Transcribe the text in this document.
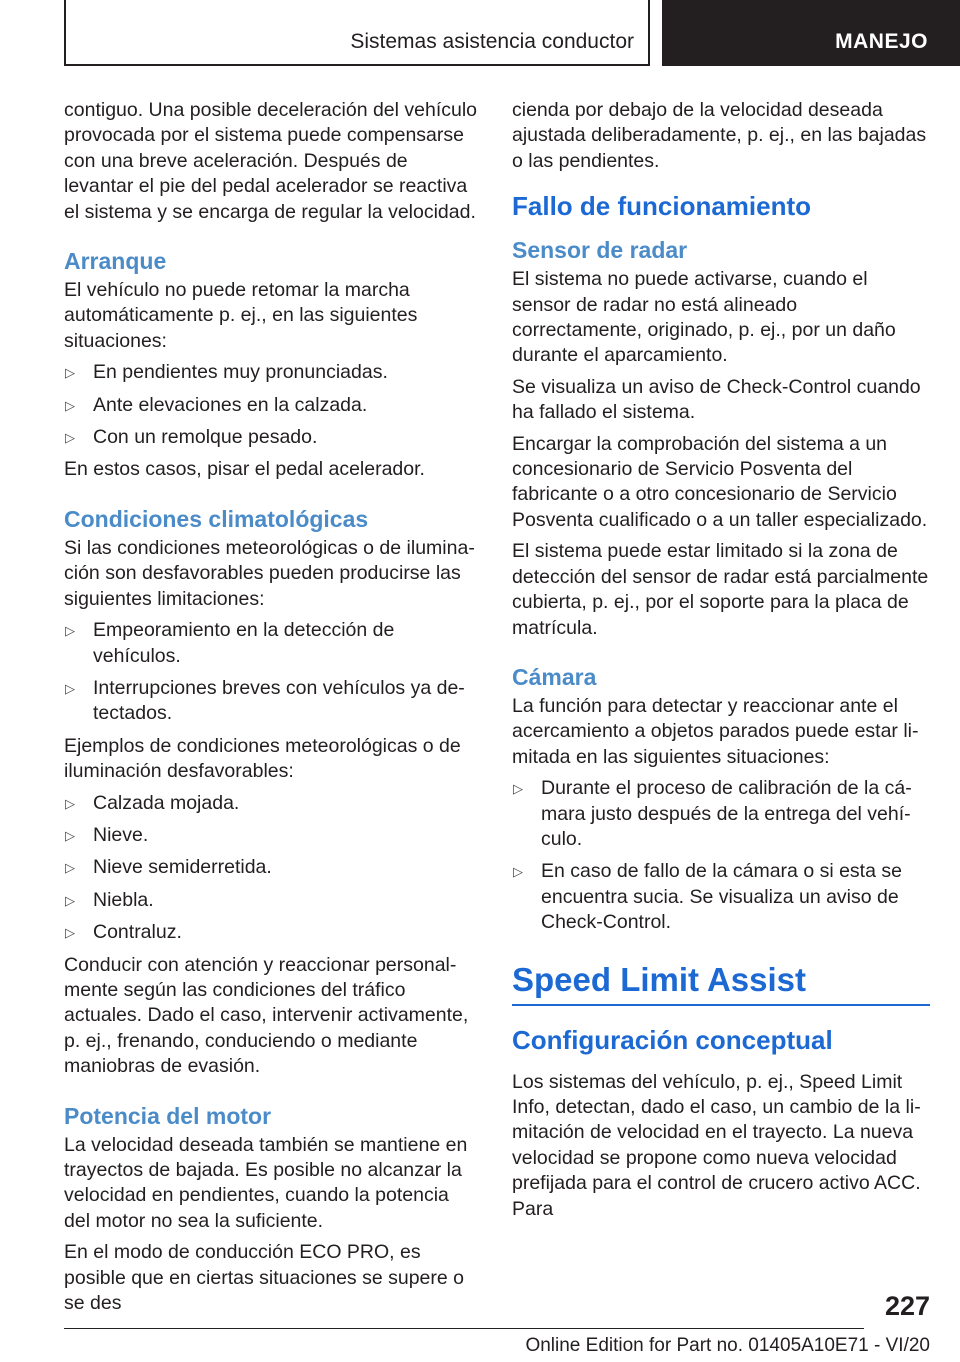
Sistemas asistencia conductor	MANEJO

contiguo. Una posible deceleración del vehículo provocada por el sistema puede compensarse con una breve aceleración. Después de levantar el pie del pedal acelerador se reactiva el sistema y se encarga de regular la velocidad.

Arranque

El vehículo no puede retomar la marcha automáticamente p. ej., en las siguientes situaciones:

▷ En pendientes muy pronunciadas.
▷ Ante elevaciones en la calzada.
▷ Con un remolque pesado.

En estos casos, pisar el pedal acelerador.

Condiciones climatológicas

Si las condiciones meteorológicas o de iluminación son desfavorables pueden producirse las siguientes limitaciones:

▷ Empeoramiento en la detección de vehículos.
▷ Interrupciones breves con vehículos ya detectados.

Ejemplos de condiciones meteorológicas o de iluminación desfavorables:

▷ Calzada mojada.
▷ Nieve.
▷ Nieve semiderretida.
▷ Niebla.
▷ Contraluz.

Conducir con atención y reaccionar personalmente según las condiciones del tráfico actuales. Dado el caso, intervenir activamente, p. ej., frenando, conduciendo o mediante maniobras de evasión.

Potencia del motor

La velocidad deseada también se mantiene en trayectos de bajada. Es posible no alcanzar la velocidad en pendientes, cuando la potencia del motor no sea la suficiente.

En el modo de conducción ECO PRO, es posible que en ciertas situaciones se supere o se des

cienda por debajo de la velocidad deseada ajustada deliberadamente, p. ej., en las bajadas o las pendientes.

Fallo de funcionamiento
Sensor de radar

El sistema no puede activarse, cuando el sensor de radar no está alineado correctamente, originado, p. ej., por un daño durante el aparcamiento.

Se visualiza un aviso de Check-Control cuando ha fallado el sistema.

Encargar la comprobación del sistema a un concesionario de Servicio Posventa del fabricante o a otro concesionario de Servicio Posventa cualificado o a un taller especializado.

El sistema puede estar limitado si la zona de detección del sensor de radar está parcialmente cubierta, p. ej., por el soporte para la placa de matrícula.

Cámara

La función para detectar y reaccionar ante el acercamiento a objetos parados puede estar limitada en las siguientes situaciones:

▷ Durante el proceso de calibración de la cámara justo después de la entrega del vehículo.
▷ En caso de fallo de la cámara o si esta se encuentra sucia. Se visualiza un aviso de Check-Control.
Speed Limit Assist
Configuración conceptual

Los sistemas del vehículo, p. ej., Speed Limit Info, detectan, dado el caso, un cambio de la limitación de velocidad en el trayecto. La nueva velocidad se propone como nueva velocidad prefijada para el control de crucero activo ACC. Para

227
Online Edition for Part no. 01405A10E71 - VI/20
